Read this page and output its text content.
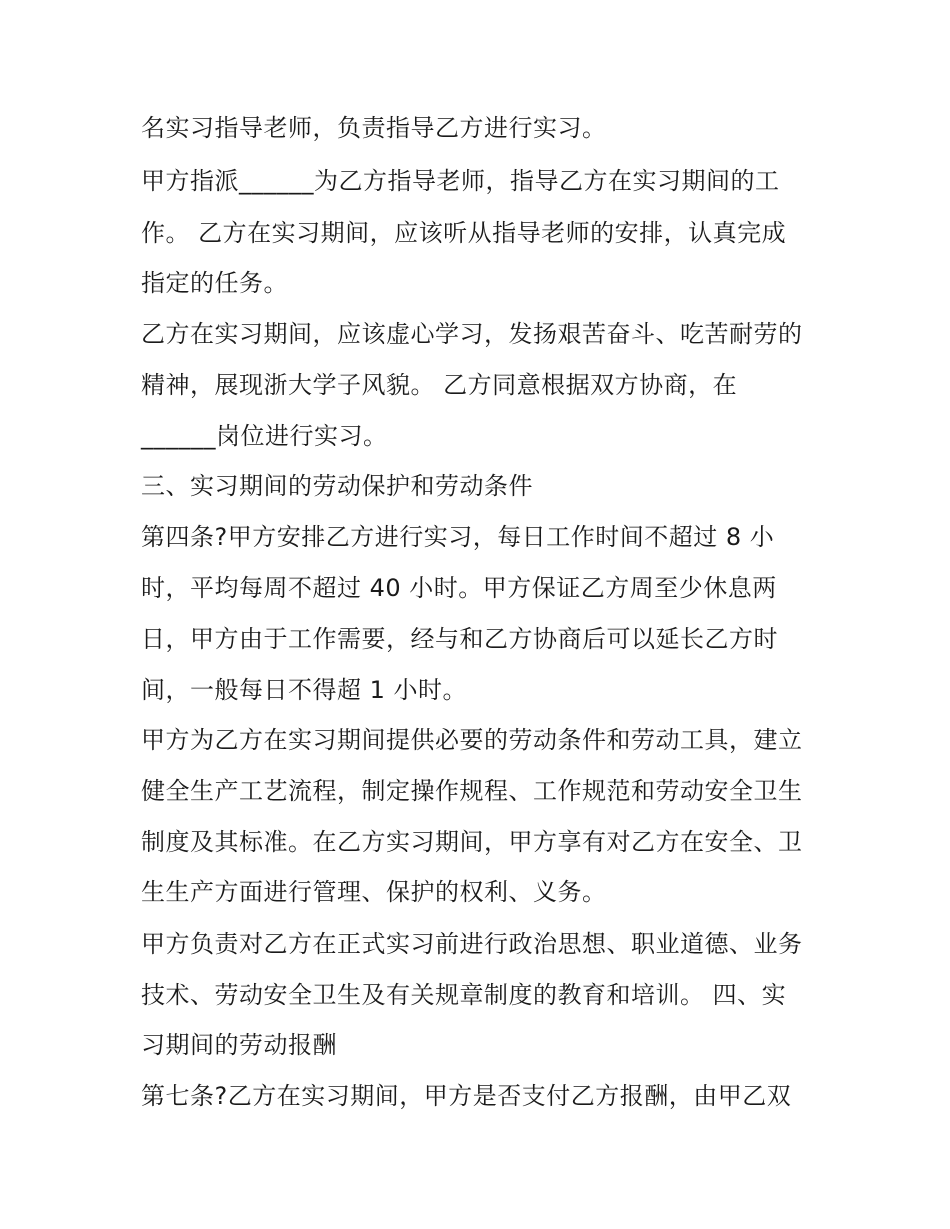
名实习指导老师，负责指导乙方进行实习。
甲方指派______为乙方指导老师，指导乙方在实习期间的工
作。 乙方在实习期间，应该听从指导老师的安排，认真完成
指定的任务。
乙方在实习期间，应该虚心学习，发扬艰苦奋斗、吃苦耐劳的
精神，展现浙大学子风貌。 乙方同意根据双方协商，在
______岗位进行实习。
三、实习期间的劳动保护和劳动条件
第四条?甲方安排乙方进行实习，每日工作时间不超过 8 小
时，平均每周不超过 40 小时。甲方保证乙方周至少休息两
日，甲方由于工作需要，经与和乙方协商后可以延长乙方时
间，一般每日不得超 1 小时。
甲方为乙方在实习期间提供必要的劳动条件和劳动工具，建立
健全生产工艺流程，制定操作规程、工作规范和劳动安全卫生
制度及其标准。在乙方实习期间，甲方享有对乙方在安全、卫
生生产方面进行管理、保护的权利、义务。
甲方负责对乙方在正式实习前进行政治思想、职业道德、业务
技术、劳动安全卫生及有关规章制度的教育和培训。 四、实
习期间的劳动报酬
第七条?乙方在实习期间，甲方是否支付乙方报酬，由甲乙双
